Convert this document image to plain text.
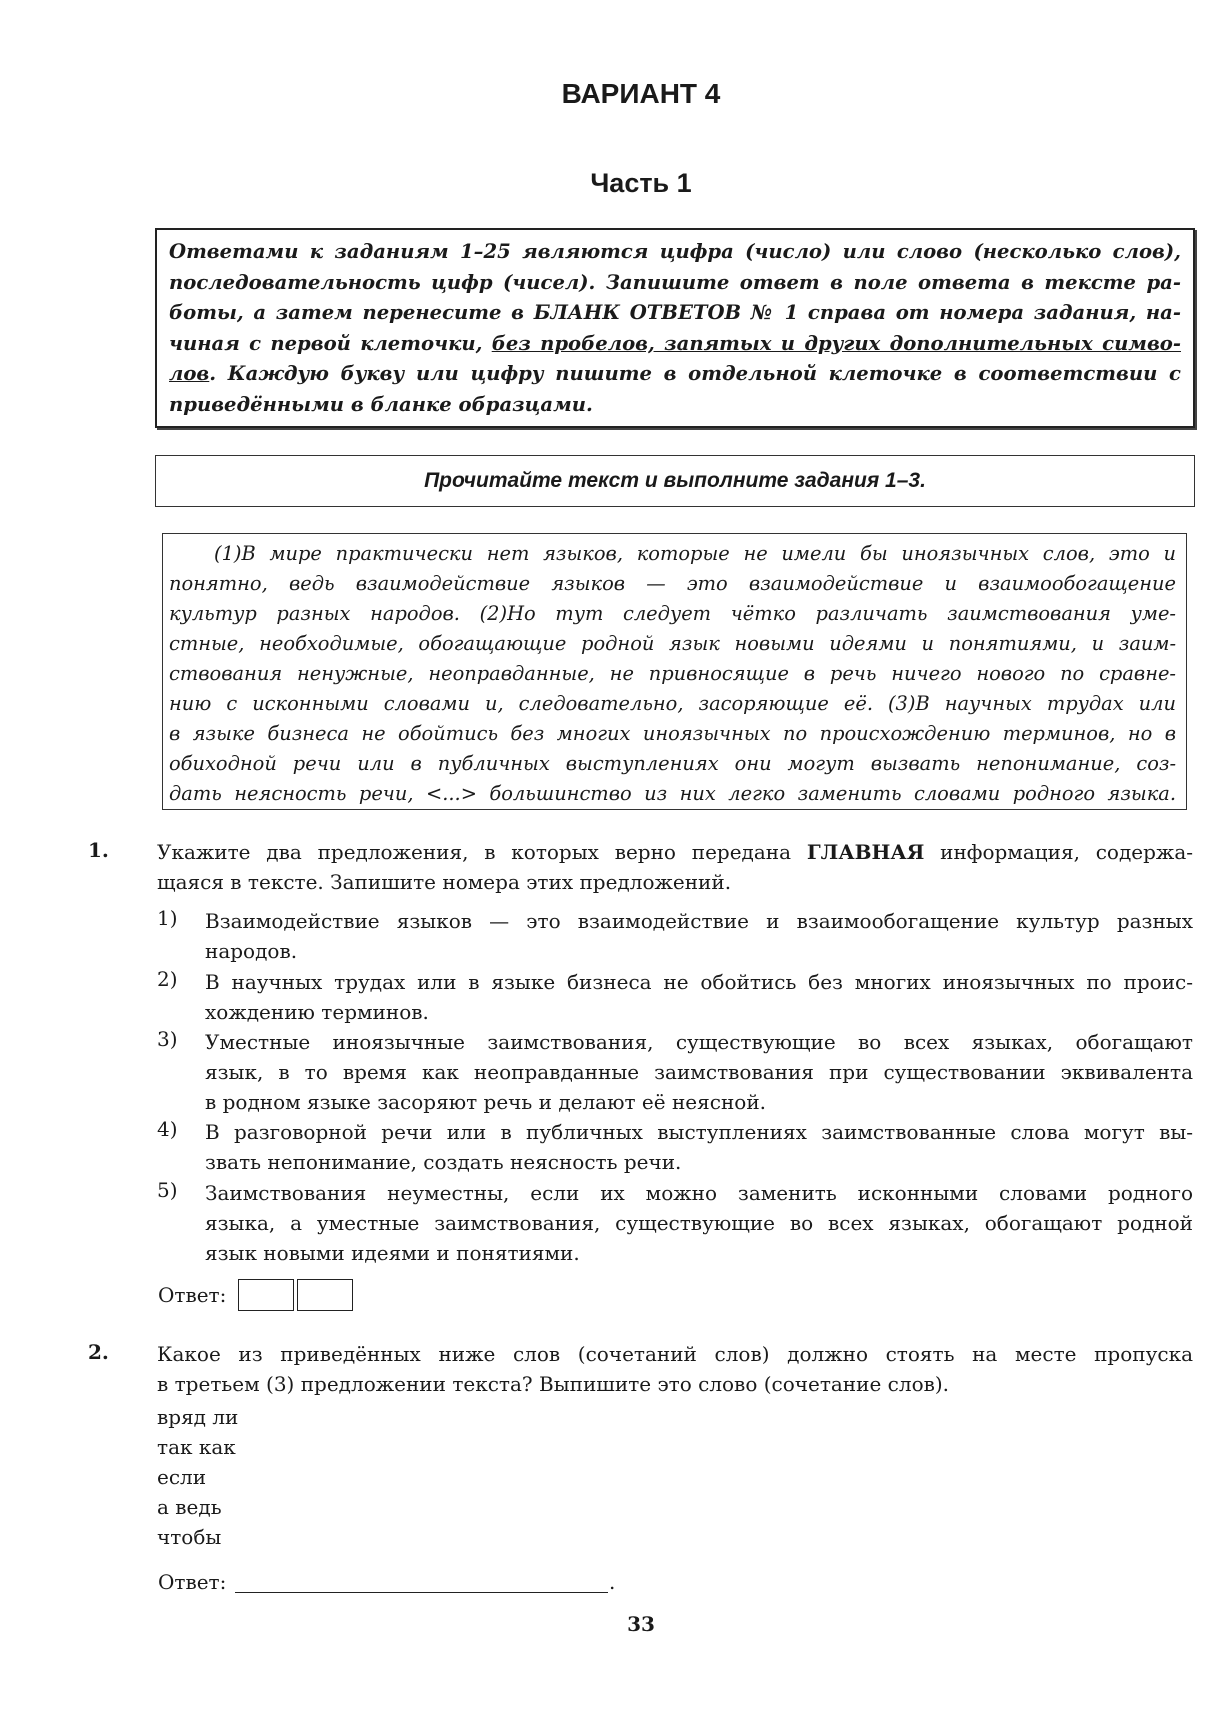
ВАРИАНТ 4
Часть 1
Ответами к заданиям 1–25 являются цифра (число) или слово (несколько слов),
последовательность цифр (чисел). Запишите ответ в поле ответа в тексте ра-
боты, а затем перенесите в БЛАНК ОТВЕТОВ № 1 справа от номера задания, на-
чиная с первой клеточки, без пробелов, запятых и других дополнительных симво-
лов. Каждую букву или цифру пишите в отдельной клеточке в соответствии с
приведёнными в бланке образцами.
Прочитайте текст и выполните задания 1–3.
(1)В мире практически нет языков, которые не имели бы иноязычных слов, это и
понятно, ведь взаимодействие языков — это взаимодействие и взаимообогащение
культур разных народов. (2)Но тут следует чётко различать заимствования уме-
стные, необходимые, обогащающие родной язык новыми идеями и понятиями, и заим-
ствования ненужные, неоправданные, не привносящие в речь ничего нового по сравне-
нию с исконными словами и, следовательно, засоряющие её. (3)В научных трудах или
в языке бизнеса не обойтись без многих иноязычных по происхождению терминов, но в
обиходной речи или в публичных выступлениях они могут вызвать непонимание, соз-
дать неясность речи, <...> большинство из них легко заменить словами родного языка.
1. Укажите два предложения, в которых верно передана ГЛАВНАЯ информация, содержа-
щаяся в тексте. Запишите номера этих предложений.
1) Взаимодействие языков — это взаимодействие и взаимообогащение культур разных
народов.
2) В научных трудах или в языке бизнеса не обойтись без многих иноязычных по проис-
хождению терминов.
3) Уместные иноязычные заимствования, существующие во всех языках, обогащают
язык, в то время как неоправданные заимствования при существовании эквивалента
в родном языке засоряют речь и делают её неясной.
4) В разговорной речи или в публичных выступлениях заимствованные слова могут вы-
звать непонимание, создать неясность речи.
5) Заимствования неуместны, если их можно заменить исконными словами родного
языка, а уместные заимствования, существующие во всех языках, обогащают родной
язык новыми идеями и понятиями.
Ответ:
2. Какое из приведённых ниже слов (сочетаний слов) должно стоять на месте пропуска
в третьем (3) предложении текста? Выпишите это слово (сочетание слов).
вряд ли
так как
если
а ведь
чтобы
Ответ:	.
33
